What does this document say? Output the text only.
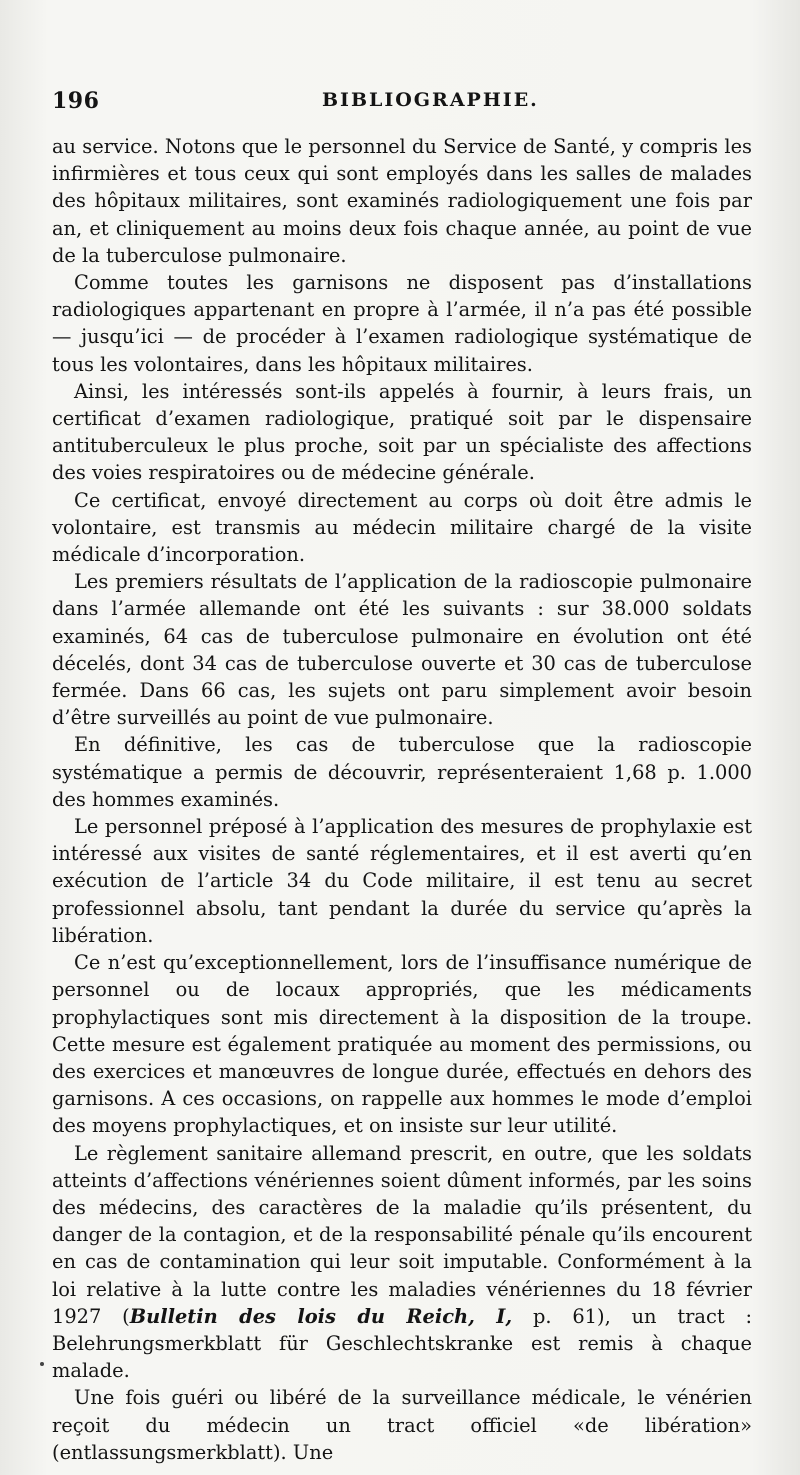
196	BIBLIOGRAPHIE.

au service. Notons que le personnel du Service de Santé, y compris les infirmières et tous ceux qui sont employés dans les salles de malades des hôpitaux militaires, sont examinés radiologiquement une fois par an, et cliniquement au moins deux fois chaque année, au point de vue de la tuberculose pulmonaire.

Comme toutes les garnisons ne disposent pas d’installations radiologiques appartenant en propre à l’armée, il n’a pas été possible — jusqu’ici — de procéder à l’examen radiologique systématique de tous les volontaires, dans les hôpitaux militaires.

Ainsi, les intéressés sont-ils appelés à fournir, à leurs frais, un certificat d’examen radiologique, pratiqué soit par le dispensaire antituberculeux le plus proche, soit par un spécialiste des affections des voies respiratoires ou de médecine générale.

Ce certificat, envoyé directement au corps où doit être admis le volontaire, est transmis au médecin militaire chargé de la visite médicale d’incorporation.

Les premiers résultats de l’application de la radioscopie pulmonaire dans l’armée allemande ont été les suivants : sur 38.000 soldats examinés, 64 cas de tuberculose pulmonaire en évolution ont été décelés, dont 34 cas de tuberculose ouverte et 30 cas de tuberculose fermée. Dans 66 cas, les sujets ont paru simplement avoir besoin d’être surveillés au point de vue pulmonaire.

En définitive, les cas de tuberculose que la radioscopie systématique a permis de découvrir, représenteraient 1,68 p. 1.000 des hommes examinés.

Le personnel préposé à l’application des mesures de prophylaxie est intéressé aux visites de santé réglementaires, et il est averti qu’en exécution de l’article 34 du Code militaire, il est tenu au secret professionnel absolu, tant pendant la durée du service qu’après la libération.

Ce n’est qu’exceptionnellement, lors de l’insuffisance numérique de personnel ou de locaux appropriés, que les médicaments prophylactiques sont mis directement à la disposition de la troupe. Cette mesure est également pratiquée au moment des permissions, ou des exercices et manœuvres de longue durée, effectués en dehors des garnisons. A ces occasions, on rappelle aux hommes le mode d’emploi des moyens prophylactiques, et on insiste sur leur utilité.

Le règlement sanitaire allemand prescrit, en outre, que les soldats atteints d’affections vénériennes soient dûment informés, par les soins des médecins, des caractères de la maladie qu’ils présentent, du danger de la contagion, et de la responsabilité pénale qu’ils encourent en cas de contamination qui leur soit imputable. Conformément à la loi relative à la lutte contre les maladies vénériennes du 18 février 1927 (Bulletin des lois du Reich, I, p. 61), un tract : Belehrungsmerkblatt für Geschlechtskranke est remis à chaque malade.

Une fois guéri ou libéré de la surveillance médicale, le vénérien reçoit du médecin un tract officiel «de libération» (entlassungsmerkblatt). Une
